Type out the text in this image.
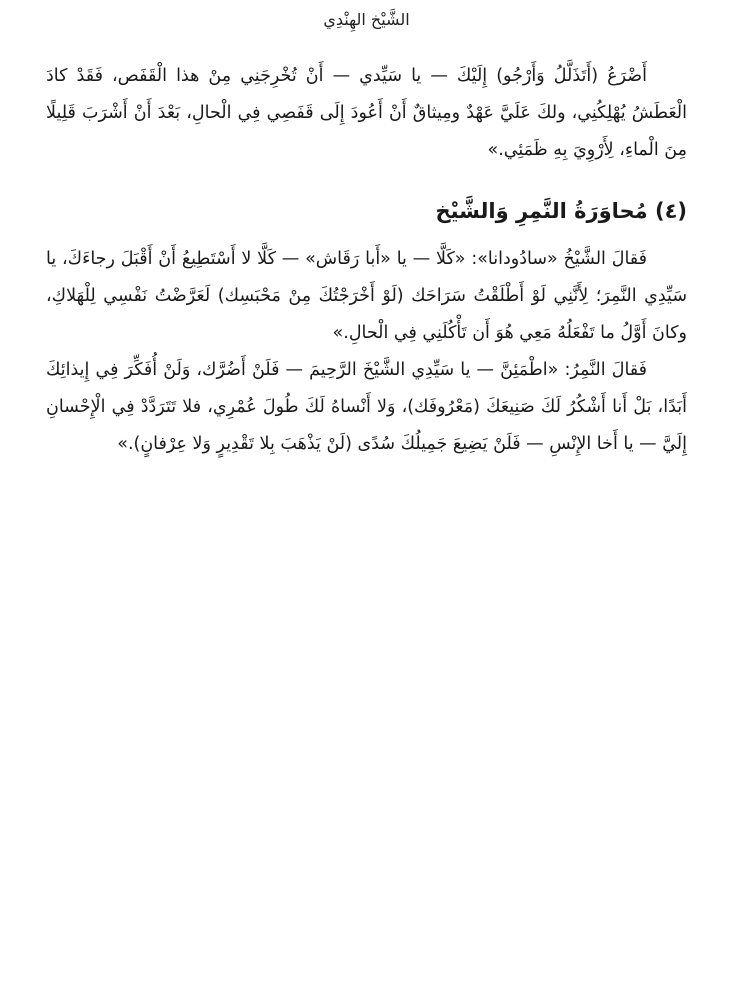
الشَّيْخ الهِنْدِي

أَضْرَعُ (أَتَذَلَّلُ وَأَرْجُو) إِلَيْكَ — يا سَيِّدي — أَنْ تُخْرِجَنِي مِنْ هذا الْقَفَص، فَقَدْ كادَ الْعَطَشُ يُهْلِكُنِي، ولكَ عَلَيَّ عَهْدٌ ومِيثاقٌ أَنْ أَعُودَ إِلَى قَفَصِي فِي الْحالِ، بَعْدَ أَنْ أَشْرَبَ قَلِيلًا مِنَ الْماءِ، لِأَرْوِيَ بِهِ ظَمَئِي.»

(٤) مُحاوَرَةُ النَّمِرِ وَالشَّيْخ

فَقالَ الشَّيْخُ «سادُودانا»: «كَلَّا — يا «أَبا رَقَاش» — كَلَّا لا أَسْتَطِيعُ أَنْ أَقْبَلَ رجاءَكَ، يا سَيِّدِي النَّمِرَ؛ لِأَنَّنِي لَوْ أَطْلَقْتُ سَرَاحَك (لَوْ أَخْرَجْتُكَ مِنْ مَحْبَسِك) لَعَرَّضْتُ نَفْسِي لِلْهَلاكِ، وكانَ أَوَّلُ ما تَفْعَلُهُ مَعِي هُوَ أَن تَأْكُلَنِي فِي الْحالِ.»

فَقالَ النَّمِرُ: «اطْمَئِنَّ — يا سَيِّدِي الشَّيْخَ الرَّحِيمَ — فَلَنْ أَضُرَّك، وَلَنْ أُفَكِّرَ فِي إِيذائِكَ أَبَدًا، بَلْ أَنا أَشْكُرُ لَكَ صَنِيعَكَ (مَعْرُوفَك)، وَلا أَنْساهُ لَكَ طُولَ عُمْرِي، فلا تَتَرَدَّدْ فِي الْإِحْسانِ إِلَيَّ — يا أَخا الإِنْسِ — فَلَنْ يَضِيعَ جَمِيلُكَ سُدًى (لَنْ يَذْهَبَ بِلا تَقْدِيرٍ وَلا عِرْفانٍ).»
